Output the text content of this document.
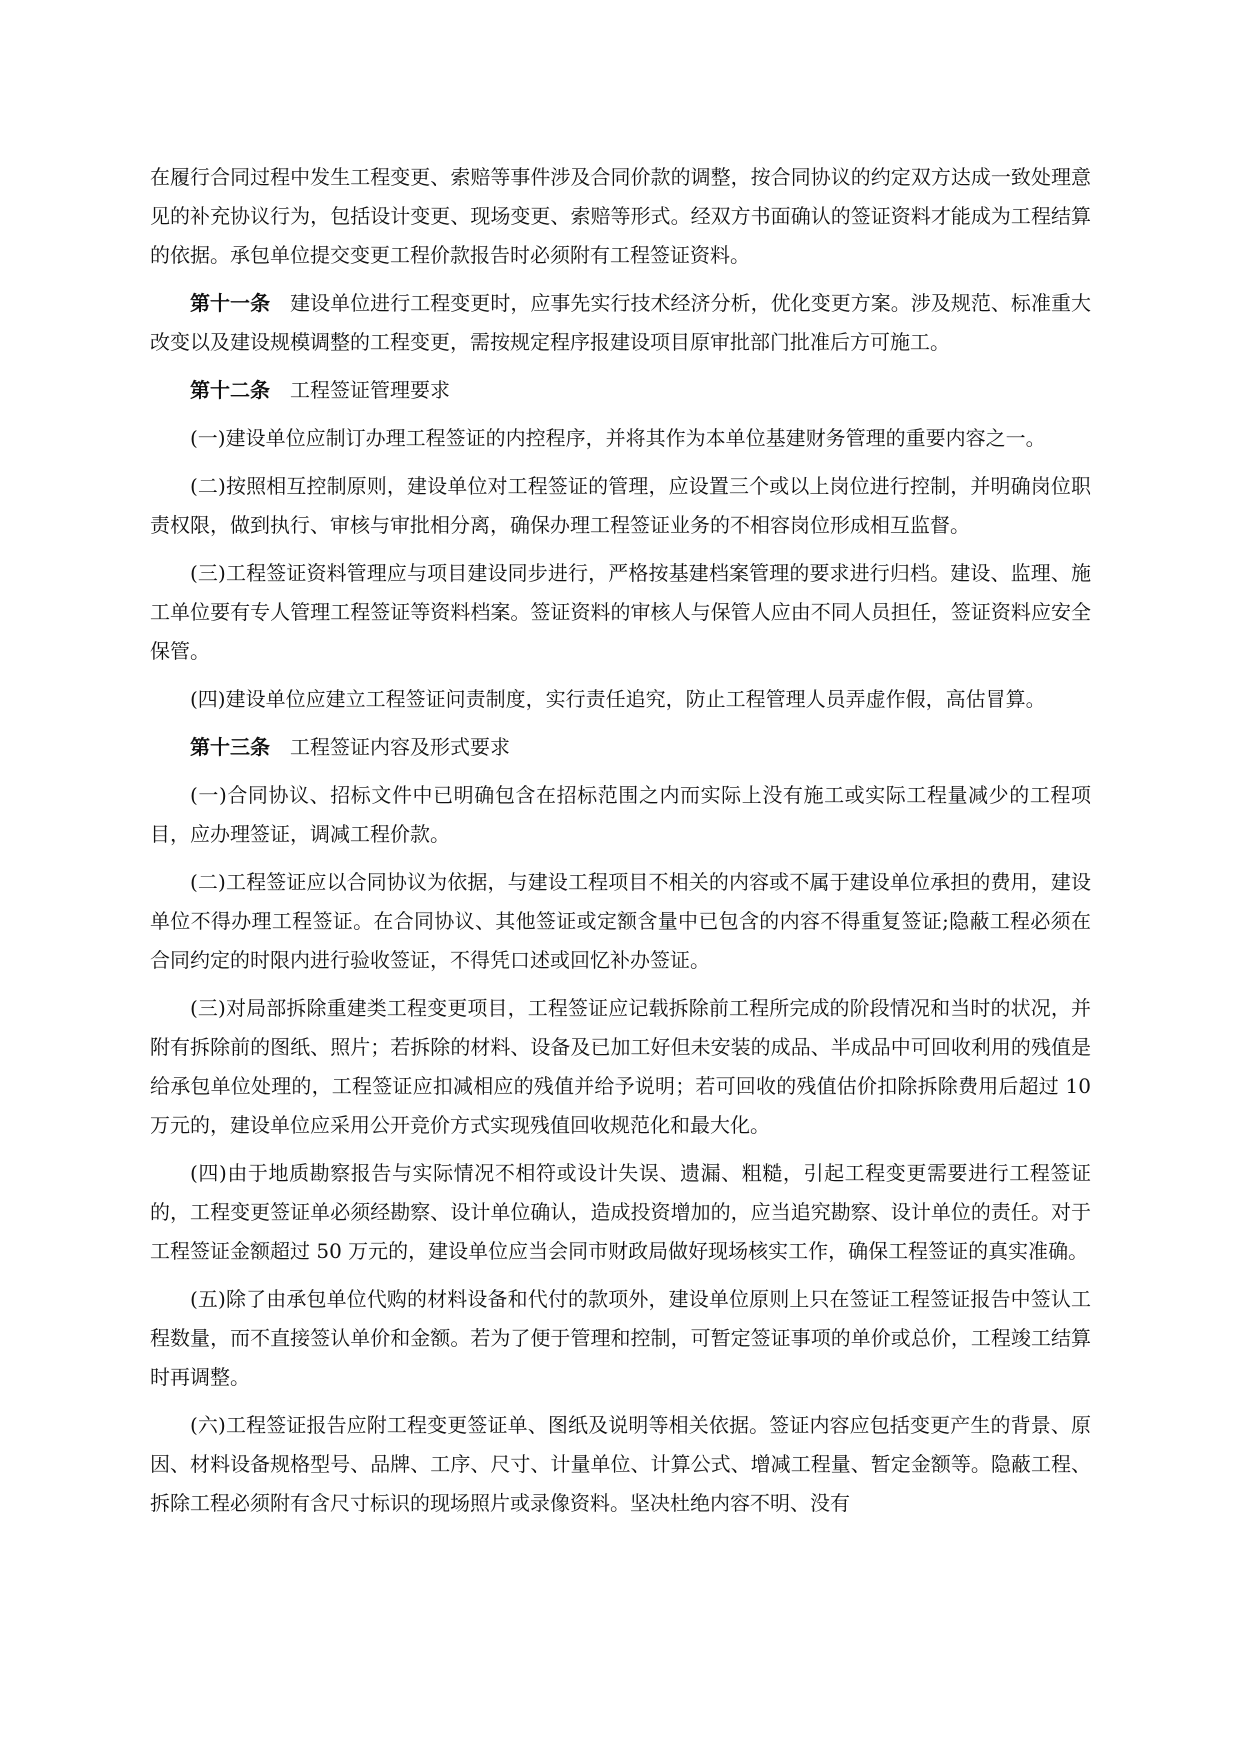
在履行合同过程中发生工程变更、索赔等事件涉及合同价款的调整，按合同协议的约定双方达成一致处理意见的补充协议行为，包括设计变更、现场变更、索赔等形式。经双方书面确认的签证资料才能成为工程结算的依据。承包单位提交变更工程价款报告时必须附有工程签证资料。

第十一条 建设单位进行工程变更时，应事先实行技术经济分析，优化变更方案。涉及规范、标准重大改变以及建设规模调整的工程变更，需按规定程序报建设项目原审批部门批准后方可施工。

第十二条 工程签证管理要求

(一)建设单位应制订办理工程签证的内控程序，并将其作为本单位基建财务管理的重要内容之一。

(二)按照相互控制原则，建设单位对工程签证的管理，应设置三个或以上岗位进行控制，并明确岗位职责权限，做到执行、审核与审批相分离，确保办理工程签证业务的不相容岗位形成相互监督。

(三)工程签证资料管理应与项目建设同步进行，严格按基建档案管理的要求进行归档。建设、监理、施工单位要有专人管理工程签证等资料档案。签证资料的审核人与保管人应由不同人员担任，签证资料应安全保管。

(四)建设单位应建立工程签证问责制度，实行责任追究，防止工程管理人员弄虚作假，高估冒算。

第十三条 工程签证内容及形式要求

(一)合同协议、招标文件中已明确包含在招标范围之内而实际上没有施工或实际工程量减少的工程项目，应办理签证，调减工程价款。

(二)工程签证应以合同协议为依据，与建设工程项目不相关的内容或不属于建设单位承担的费用，建设单位不得办理工程签证。在合同协议、其他签证或定额含量中已包含的内容不得重复签证;隐蔽工程必须在合同约定的时限内进行验收签证，不得凭口述或回忆补办签证。

(三)对局部拆除重建类工程变更项目，工程签证应记载拆除前工程所完成的阶段情况和当时的状况，并附有拆除前的图纸、照片；若拆除的材料、设备及已加工好但未安装的成品、半成品中可回收利用的残值是给承包单位处理的，工程签证应扣减相应的残值并给予说明；若可回收的残值估价扣除拆除费用后超过 10 万元的，建设单位应采用公开竞价方式实现残值回收规范化和最大化。

(四)由于地质勘察报告与实际情况不相符或设计失误、遗漏、粗糙，引起工程变更需要进行工程签证的，工程变更签证单必须经勘察、设计单位确认，造成投资增加的，应当追究勘察、设计单位的责任。对于工程签证金额超过 50 万元的，建设单位应当会同市财政局做好现场核实工作，确保工程签证的真实准确。

(五)除了由承包单位代购的材料设备和代付的款项外，建设单位原则上只在签证工程签证报告中签认工程数量，而不直接签认单价和金额。若为了便于管理和控制，可暂定签证事项的单价或总价，工程竣工结算时再调整。

(六)工程签证报告应附工程变更签证单、图纸及说明等相关依据。签证内容应包括变更产生的背景、原因、材料设备规格型号、品牌、工序、尺寸、计量单位、计算公式、增减工程量、暂定金额等。隐蔽工程、拆除工程必须附有含尺寸标识的现场照片或录像资料。坚决杜绝内容不明、没有
